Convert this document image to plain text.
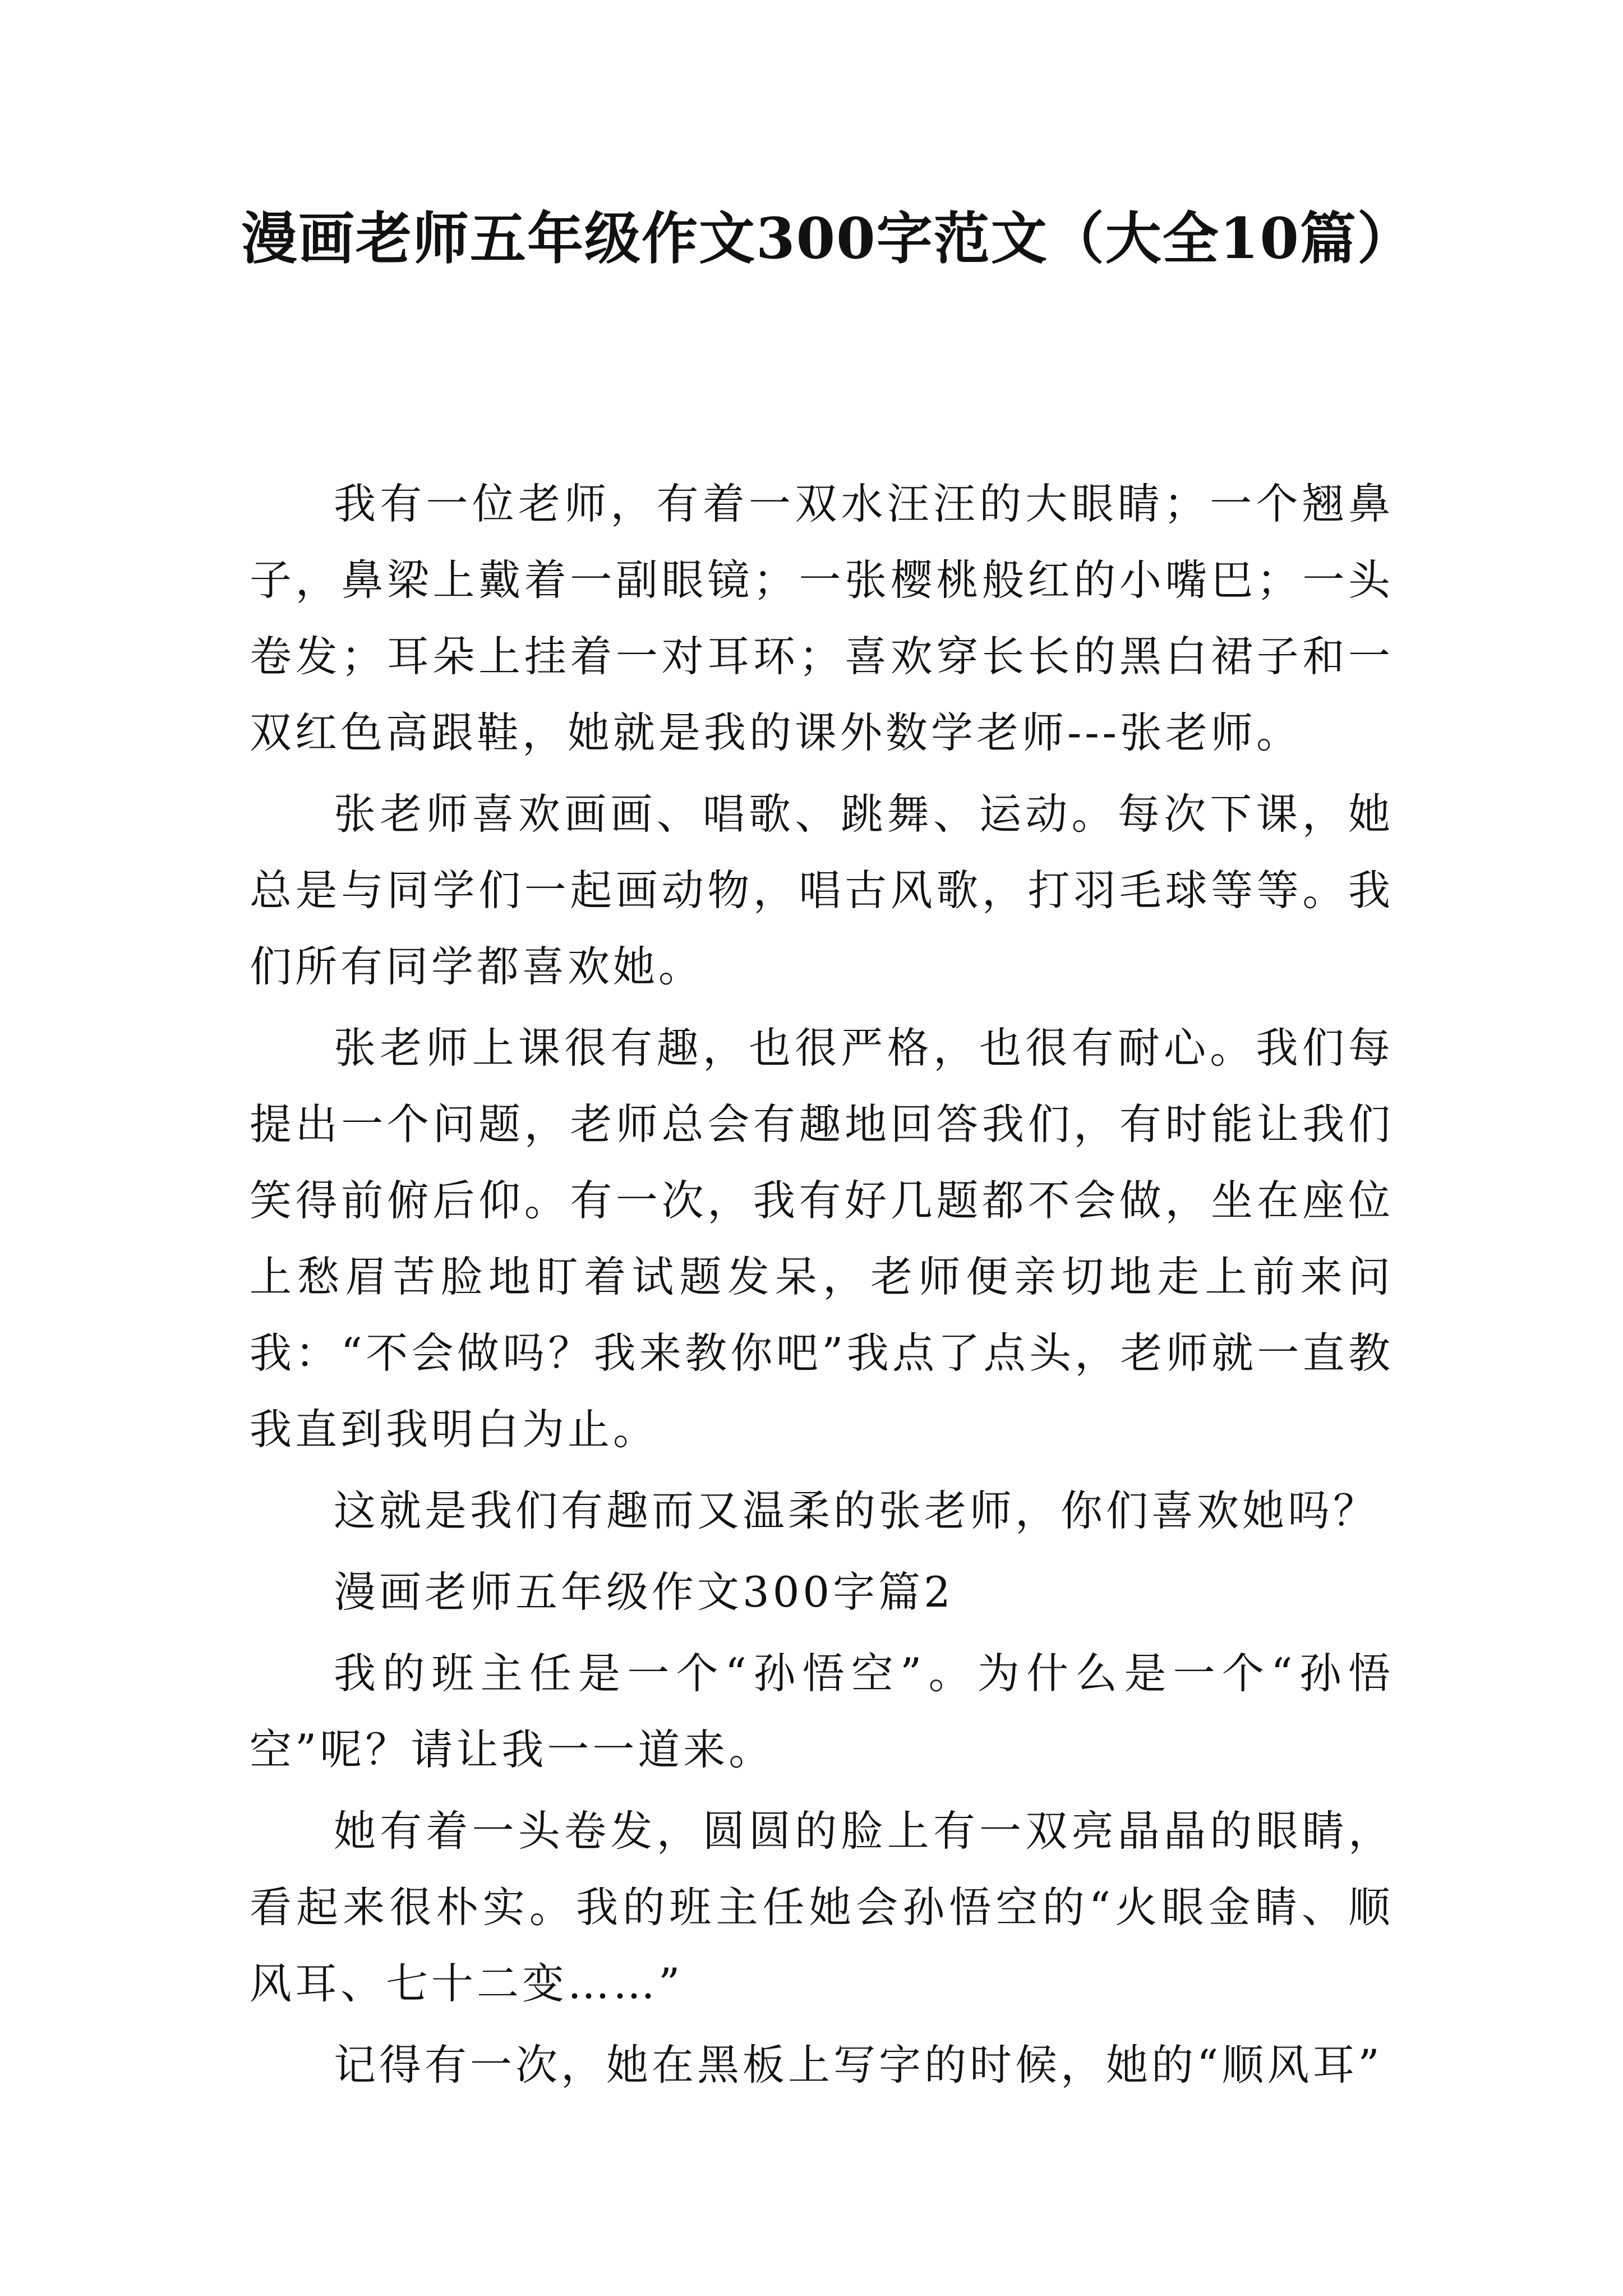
漫画老师五年级作文300字范文（大全10篇）

我有一位老师，有着一双水汪汪的大眼睛；一个翘鼻子，鼻梁上戴着一副眼镜；一张樱桃般红的小嘴巴；一头卷发；耳朵上挂着一对耳环；喜欢穿长长的黑白裙子和一双红色高跟鞋，她就是我的课外数学老师---张老师。

张老师喜欢画画、唱歌、跳舞、运动。每次下课，她总是与同学们一起画动物，唱古风歌，打羽毛球等等。我们所有同学都喜欢她。

张老师上课很有趣，也很严格，也很有耐心。我们每提出一个问题，老师总会有趣地回答我们，有时能让我们笑得前俯后仰。有一次，我有好几题都不会做，坐在座位上愁眉苦脸地盯着试题发呆，老师便亲切地走上前来问我：“不会做吗？我来教你吧”我点了点头，老师就一直教我直到我明白为止。

这就是我们有趣而又温柔的张老师，你们喜欢她吗？

漫画老师五年级作文300字篇2

我的班主任是一个“孙悟空”。为什么是一个“孙悟空”呢？请让我一一道来。

她有着一头卷发，圆圆的脸上有一双亮晶晶的眼睛，看起来很朴实。我的班主任她会孙悟空的“火眼金睛、顺风耳、七十二变……”

记得有一次，她在黑板上写字的时候，她的“顺风耳”
